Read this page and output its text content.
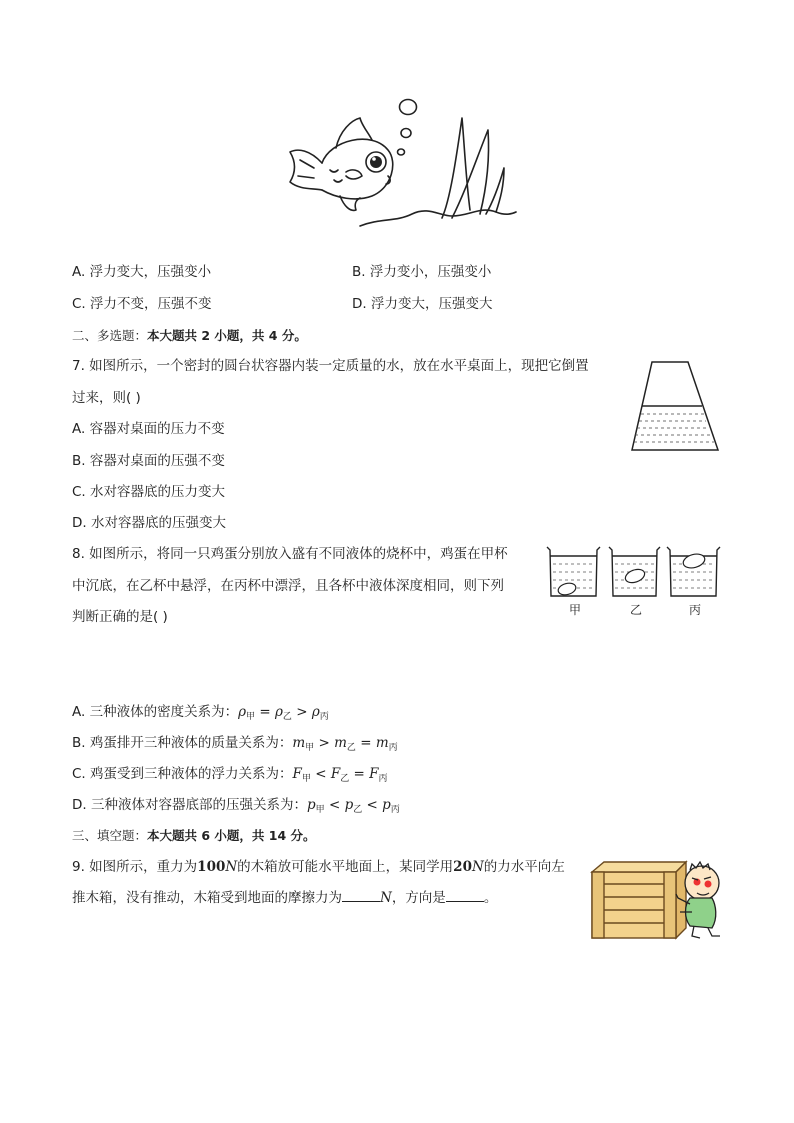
A. 浮力变大，压强变小	B. 浮力变小，压强变小
C. 浮力不变，压强不变	D. 浮力变大，压强变大
二、多选题：本大题共 2 小题，共 4 分。
7. 如图所示，一个密封的圆台状容器内装一定质量的水，放在水平桌面上，现把它倒置
过来，则( )
A. 容器对桌面的压力不变
B. 容器对桌面的压强不变
C. 水对容器底的压力变大
D. 水对容器底的压强变大
8. 如图所示，将同一只鸡蛋分别放入盛有不同液体的烧杯中，鸡蛋在甲杯
中沉底，在乙杯中悬浮，在丙杯中漂浮，且各杯中液体深度相同，则下列
判断正确的是( )	甲	乙	丙
A. 三种液体的密度关系为：$\rho_甲 = \rho_乙 > \rho_丙$
B. 鸡蛋排开三种液体的质量关系为：$m_甲 > m_乙 = m_丙$
C. 鸡蛋受到三种液体的浮力关系为：$F_甲 < F_乙 = F_丙$
D. 三种液体对容器底部的压强关系为：$p_甲 < p_乙 < p_丙$
三、填空题：本大题共 6 小题，共 14 分。
9. 如图所示，重力为100N的木箱放可能水平地面上，某同学用20N的力水平向左
推木箱，没有推动，木箱受到地面的摩擦力为	N，方向是	。
